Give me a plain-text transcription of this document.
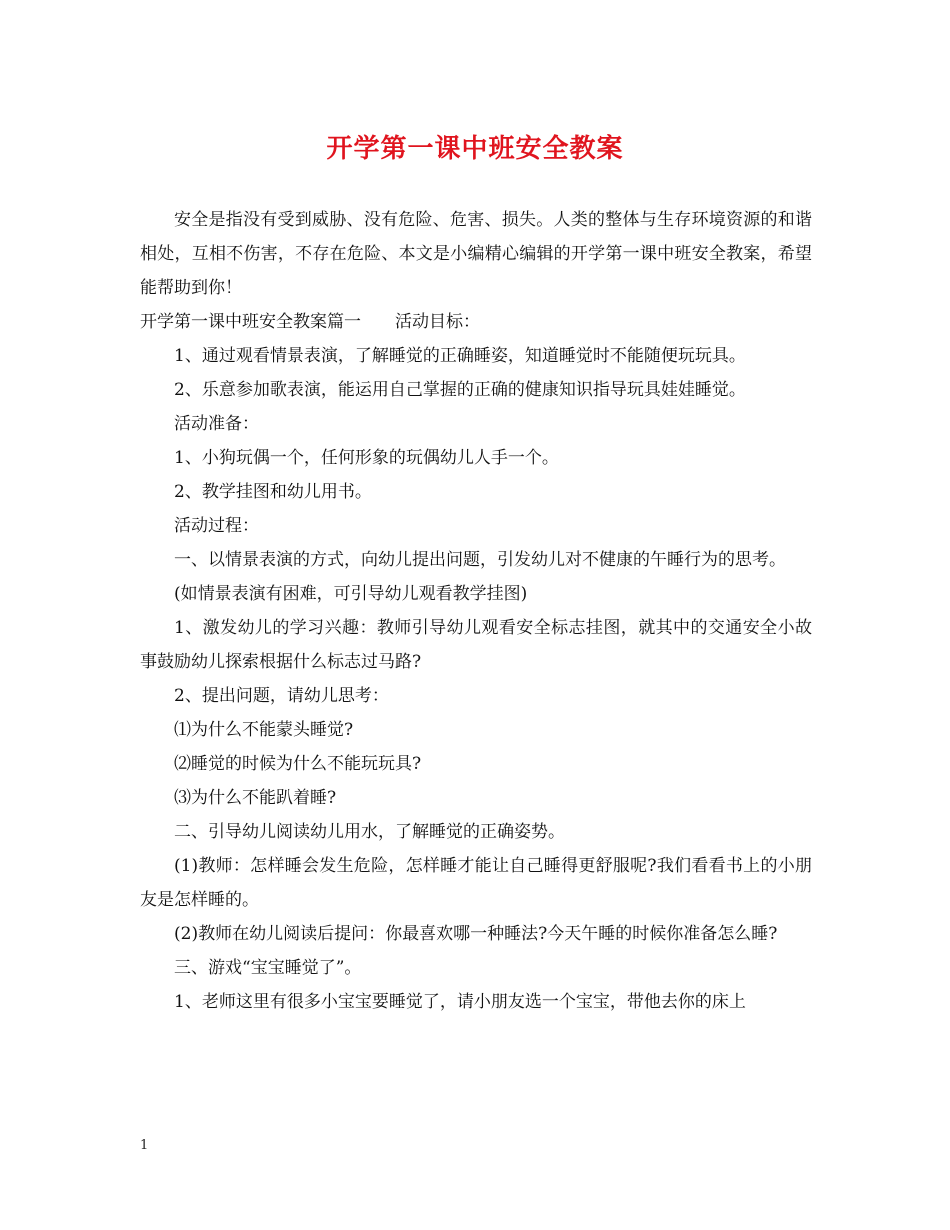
开学第一课中班安全教案

安全是指没有受到威胁、没有危险、危害、损失。人类的整体与生存环境资源的和谐相处，互相不伤害，不存在危险、本文是小编精心编辑的开学第一课中班安全教案，希望能帮助到你！

开学第一课中班安全教案篇一　　活动目标：

1、通过观看情景表演，了解睡觉的正确睡姿，知道睡觉时不能随便玩玩具。

2、乐意参加歌表演，能运用自己掌握的正确的健康知识指导玩具娃娃睡觉。

活动准备：

1、小狗玩偶一个，任何形象的玩偶幼儿人手一个。

2、教学挂图和幼儿用书。

活动过程：

一、以情景表演的方式，向幼儿提出问题，引发幼儿对不健康的午睡行为的思考。

(如情景表演有困难，可引导幼儿观看教学挂图)

1、激发幼儿的学习兴趣：教师引导幼儿观看安全标志挂图，就其中的交通安全小故事鼓励幼儿探索根据什么标志过马路?

2、提出问题，请幼儿思考：

⑴为什么不能蒙头睡觉?

⑵睡觉的时候为什么不能玩玩具?

⑶为什么不能趴着睡?

二、引导幼儿阅读幼儿用水，了解睡觉的正确姿势。

(1)教师：怎样睡会发生危险，怎样睡才能让自己睡得更舒服呢?我们看看书上的小朋友是怎样睡的。

(2)教师在幼儿阅读后提问：你最喜欢哪一种睡法?今天午睡的时候你准备怎么睡?

三、游戏“宝宝睡觉了”。

1、老师这里有很多小宝宝要睡觉了，请小朋友选一个宝宝，带他去你的床上

1
